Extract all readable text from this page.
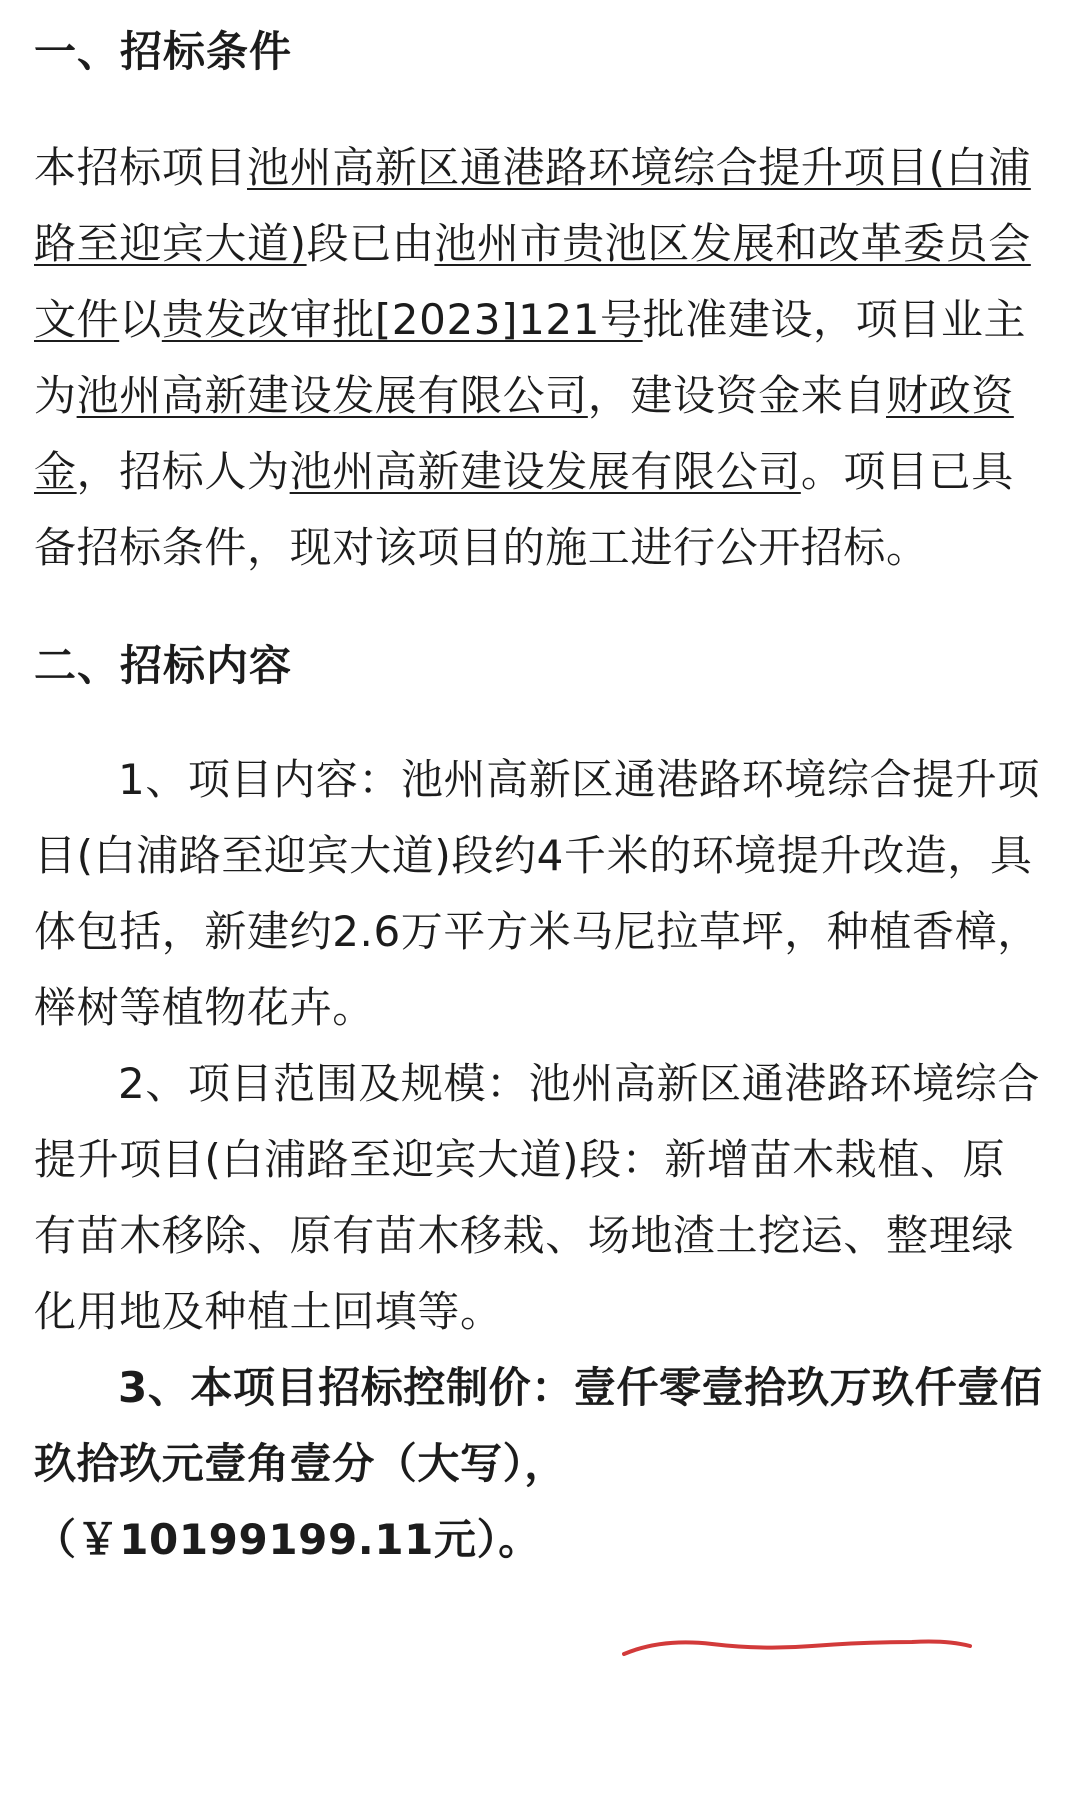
一、招标条件
本招标项目池州高新区通港路环境综合提升项目(白浦路至迎宾大道)段已由池州市贵池区发展和改革委员会文件以贵发改审批[2023]121号批准建设，项目业主为池州高新建设发展有限公司，建设资金来自财政资金，招标人为池州高新建设发展有限公司。项目已具备招标条件，现对该项目的施工进行公开招标。
二、招标内容
1、项目内容：池州高新区通港路环境综合提升项目(白浦路至迎宾大道)段约4千米的环境提升改造，具体包括，新建约2.6万平方米马尼拉草坪，种植香樟，榉树等植物花卉。
2、项目范围及规模：池州高新区通港路环境综合提升项目(白浦路至迎宾大道)段：新增苗木栽植、原有苗木移除、原有苗木移栽、场地渣土挖运、整理绿化用地及种植土回填等。
3、本项目招标控制价：壹仟零壹拾玖万玖仟壹佰玖拾玖元壹角壹分（大写），
（￥10199199.11元）。
